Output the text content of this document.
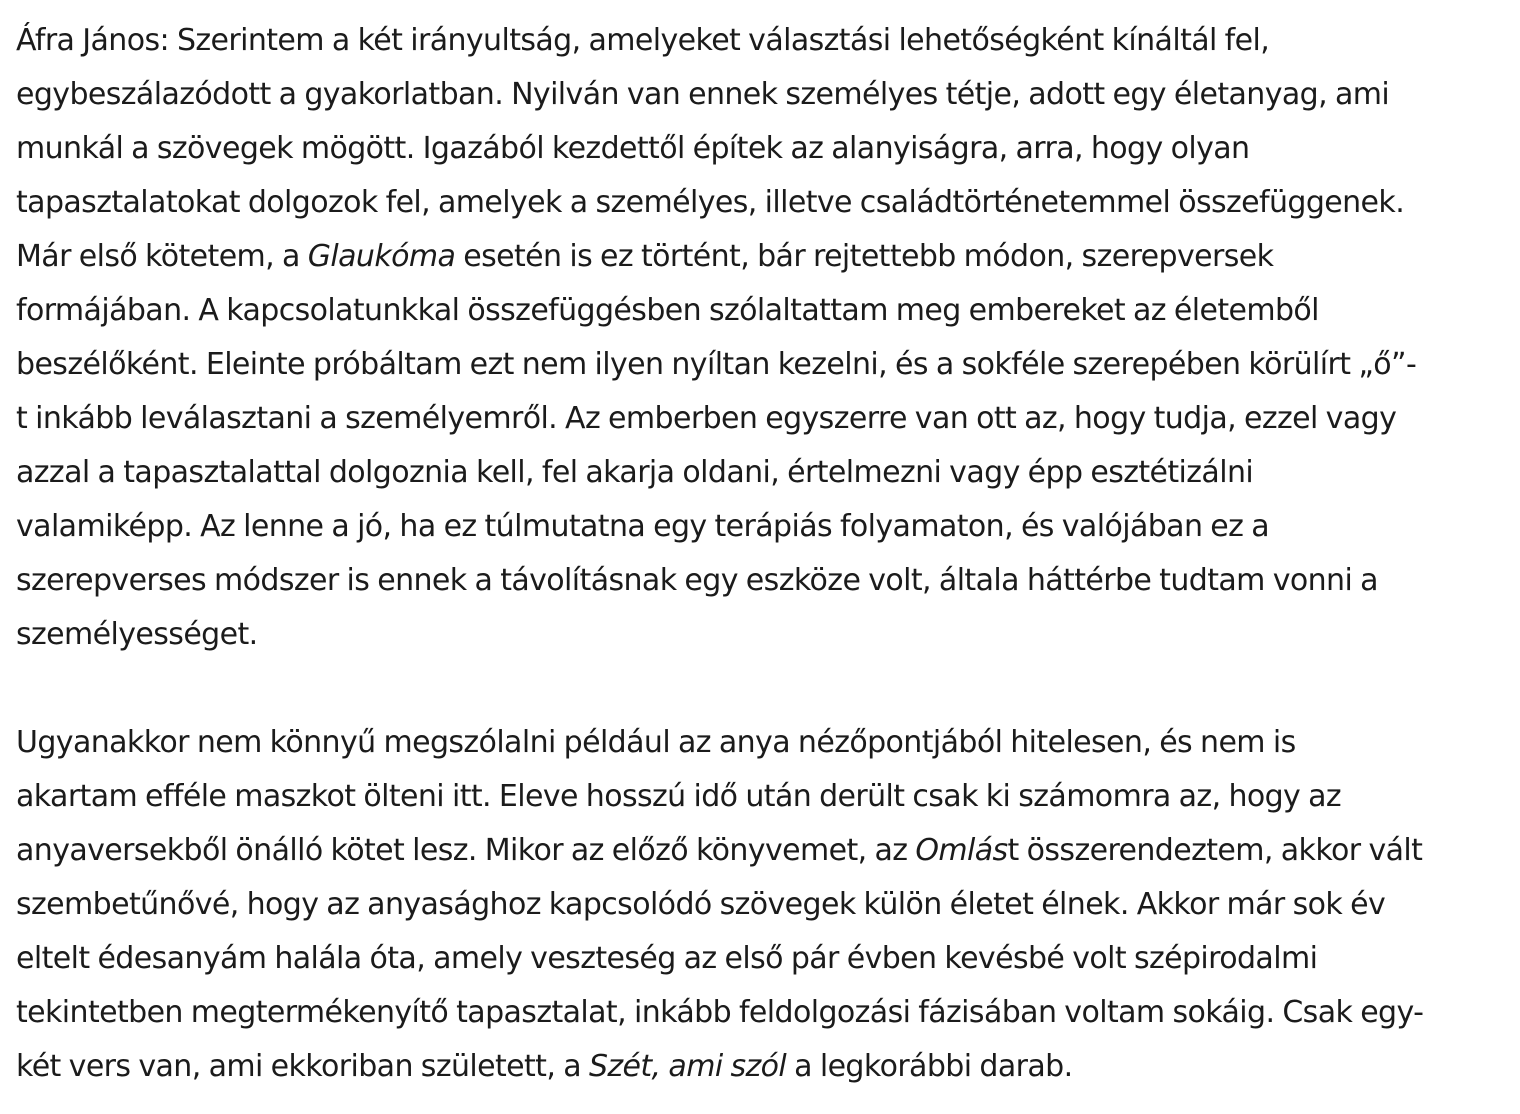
Áfra János: Szerintem a két irányultság, amelyeket választási lehetőségként kínáltál fel,
egybeszálazódott a gyakorlatban. Nyilván van ennek személyes tétje, adott egy életanyag, ami
munkál a szövegek mögött. Igazából kezdettől építek az alanyiságra, arra, hogy olyan
tapasztalatokat dolgozok fel, amelyek a személyes, illetve családtörténetemmel összefüggenek.
Már első kötetem, a Glaukóma esetén is ez történt, bár rejtettebb módon, szerepversek
formájában. A kapcsolatunkkal összefüggésben szólaltattam meg embereket az életemből
beszélőként. Eleinte próbáltam ezt nem ilyen nyíltan kezelni, és a sokféle szerepében körülírt „ő”-
t inkább leválasztani a személyemről. Az emberben egyszerre van ott az, hogy tudja, ezzel vagy
azzal a tapasztalattal dolgoznia kell, fel akarja oldani, értelmezni vagy épp esztétizálni
valamiképp. Az lenne a jó, ha ez túlmutatna egy terápiás folyamaton, és valójában ez a
szerepverses módszer is ennek a távolításnak egy eszköze volt, általa háttérbe tudtam vonni a
személyességet.

Ugyanakkor nem könnyű megszólalni például az anya nézőpontjából hitelesen, és nem is
akartam efféle maszkot ölteni itt. Eleve hosszú idő után derült csak ki számomra az, hogy az
anyaversekből önálló kötet lesz. Mikor az előző könyvemet, az Omlást összerendeztem, akkor vált
szembetűnővé, hogy az anyasághoz kapcsolódó szövegek külön életet élnek. Akkor már sok év
eltelt édesanyám halála óta, amely veszteség az első pár évben kevésbé volt szépirodalmi
tekintetben megtermékenyítő tapasztalat, inkább feldolgozási fázisában voltam sokáig. Csak egy-
két vers van, ami ekkoriban született, a Szét, ami szól a legkorábbi darab.
